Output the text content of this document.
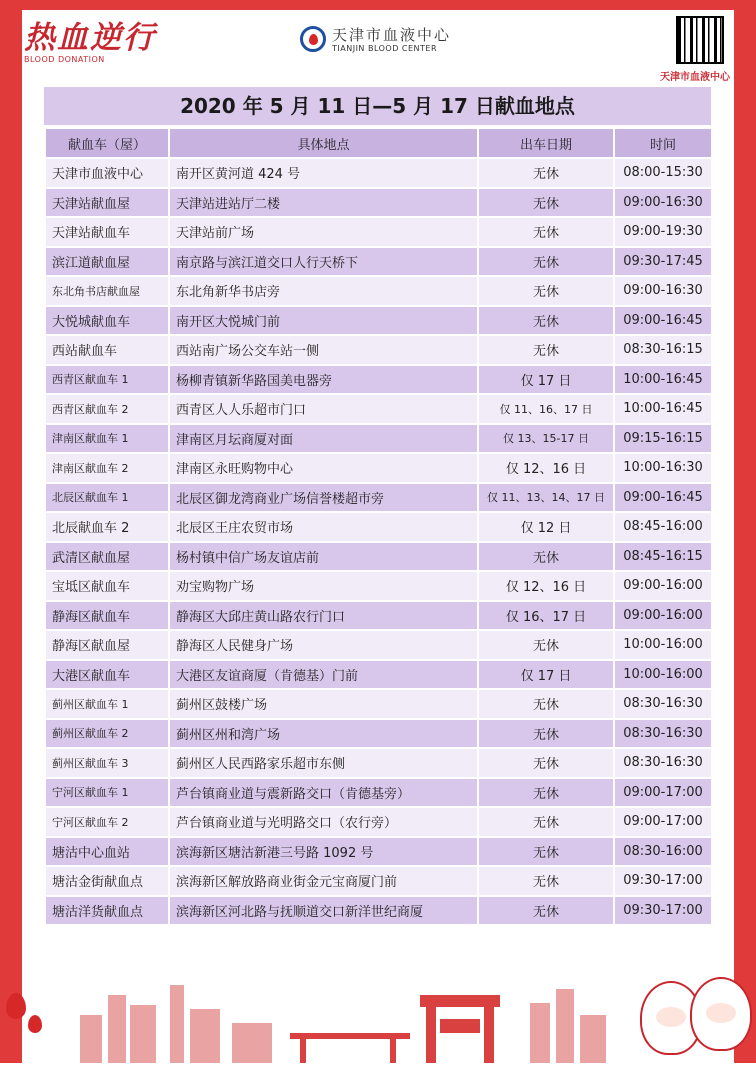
热血逆行
BLOOD DONATION
天津市血液中心
TIANJIN BLOOD CENTER
天津市血液中心
2020 年 5 月 11 日—5 月 17 日献血地点
献血车（屋）	具体地点	出车日期	时间
天津市血液中心	南开区黄河道 424 号	无休	08:00-15:30
天津站献血屋	天津站进站厅二楼	无休	09:00-16:30
天津站献血车	天津站前广场	无休	09:00-19:30
滨江道献血屋	南京路与滨江道交口人行天桥下	无休	09:30-17:45
东北角书店献血屋	东北角新华书店旁	无休	09:00-16:30
大悦城献血车	南开区大悦城门前	无休	09:00-16:45
西站献血车	西站南广场公交车站一侧	无休	08:30-16:15
西青区献血车 1	杨柳青镇新华路国美电器旁	仅 17 日	10:00-16:45
西青区献血车 2	西青区人人乐超市门口	仅 11、16、17 日	10:00-16:45
津南区献血车 1	津南区月坛商厦对面	仅 13、15-17 日	09:15-16:15
津南区献血车 2	津南区永旺购物中心	仅 12、16 日	10:00-16:30
北辰区献血车 1	北辰区御龙湾商业广场信誉楼超市旁	仅 11、13、14、17 日	09:00-16:45
北辰献血车 2	北辰区王庄农贸市场	仅 12 日	08:45-16:00
武清区献血屋	杨村镇中信广场友谊店前	无休	08:45-16:15
宝坻区献血车	劝宝购物广场	仅 12、16 日	09:00-16:00
静海区献血车	静海区大邱庄黄山路农行门口	仅 16、17 日	09:00-16:00
静海区献血屋	静海区人民健身广场	无休	10:00-16:00
大港区献血车	大港区友谊商厦（肯德基）门前	仅 17 日	10:00-16:00
蓟州区献血车 1	蓟州区鼓楼广场	无休	08:30-16:30
蓟州区献血车 2	蓟州区州和湾广场	无休	08:30-16:30
蓟州区献血车 3	蓟州区人民西路家乐超市东侧	无休	08:30-16:30
宁河区献血车 1	芦台镇商业道与震新路交口（肯德基旁）	无休	09:00-17:00
宁河区献血车 2	芦台镇商业道与光明路交口（农行旁）	无休	09:00-17:00
塘沽中心血站	滨海新区塘沽新港三号路 1092 号	无休	08:30-16:00
塘沽金街献血点	滨海新区解放路商业街金元宝商厦门前	无休	09:30-17:00
塘沽洋货献血点	滨海新区河北路与抚顺道交口新洋世纪商厦	无休	09:30-17:00
